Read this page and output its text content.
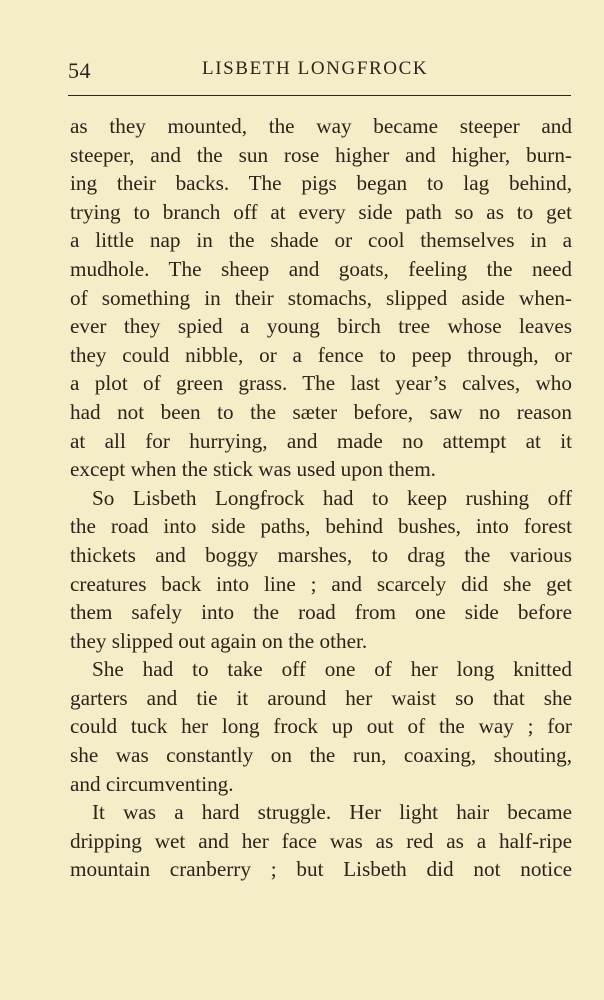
54	LISBETH LONGFROCK
as they mounted, the way became steeper and
steeper, and the sun rose higher and higher, burn-
ing their backs. The pigs began to lag behind,
trying to branch off at every side path so as to get
a little nap in the shade or cool themselves in a
mudhole. The sheep and goats, feeling the need
of something in their stomachs, slipped aside when-
ever they spied a young birch tree whose leaves
they could nibble, or a fence to peep through, or
a plot of green grass. The last year’s calves, who
had not been to the sæter before, saw no reason
at all for hurrying, and made no attempt at it
except when the stick was used upon them.
So Lisbeth Longfrock had to keep rushing off
the road into side paths, behind bushes, into forest
thickets and boggy marshes, to drag the various
creatures back into line ; and scarcely did she get
them safely into the road from one side before
they slipped out again on the other.
She had to take off one of her long knitted
garters and tie it around her waist so that she
could tuck her long frock up out of the way ; for
she was constantly on the run, coaxing, shouting,
and circumventing.
It was a hard struggle. Her light hair became
dripping wet and her face was as red as a half-ripe
mountain cranberry ; but Lisbeth did not notice
